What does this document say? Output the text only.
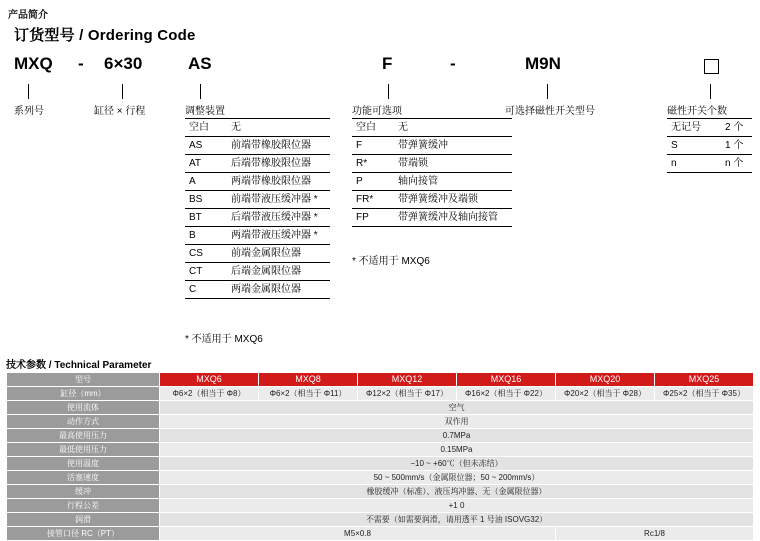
产品简介
订货型号 / Ordering Code
MXQ - 6×30	AS	F	-	M9N
系列号	缸径 × 行程	调整装置	功能可选项	可选择磁性开关型号	磁性开关个数
空白	无
AS	前端带橡胶限位器
AT	后端带橡胶限位器
A	两端带橡胶限位器
BS	前端带液压缓冲器 *
BT	后端带液压缓冲器 *
B	两端带液压缓冲器 *
CS	前端金属限位器
CT	后端金属限位器
C	两端金属限位器
* 不适用于 MXQ6
空白	无
F	带弹簧缓冲
R*	带端锁
P	轴向接管
FR*	带弹簧缓冲及端锁
FP	带弹簧缓冲及轴向接管
* 不适用于 MXQ6
无记号	2 个
S	1 个
n	n 个
技术参数 / Technical Parameter
型号	MXQ6	MXQ8	MXQ12	MXQ16	MXQ20	MXQ25
缸径（mm）	Φ6×2（相当于 Φ8）	Φ6×2（相当于 Φ11）	Φ12×2（相当于 Φ17）	Φ16×2（相当于 Φ22）	Φ20×2（相当于 Φ28）	Φ25×2（相当于 Φ35）
使用流体	空气					
动作方式	双作用					
最高使用压力	0.7MPa					
最低使用压力	0.15MPa					
使用温度	−10 ~ +60℃（但未冻结）					
活塞速度	50 ~ 500mm/s（金属限位器；50 ~ 200mm/s）					
缓冲	橡胶缓冲（标准）、液压坞冲器、无（金属限位器）					
行程公差	+1 0					
润滑	不需要（如需要润滑，请用透平 1 号油 ISOVG32）					
接管口径 RC（PT）	M5×0.8				Rc1/8	
